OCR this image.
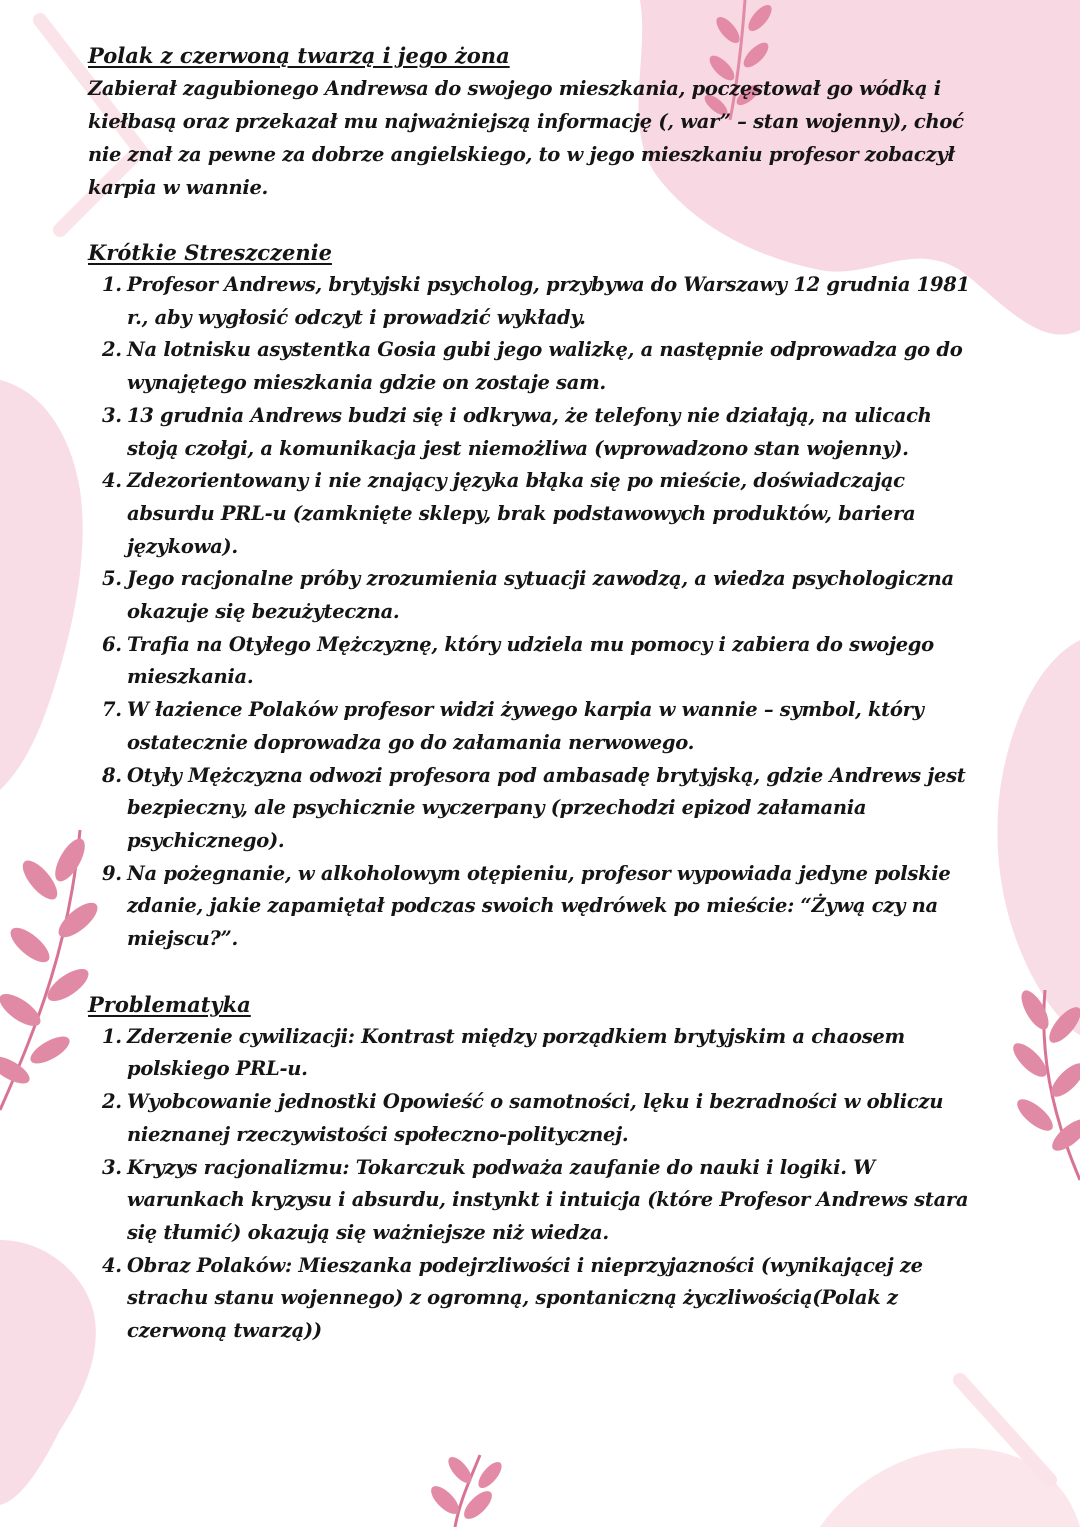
Polak z czerwoną twarzą i jego żona

Zabierał zagubionego Andrewsa do swojego mieszkania, poczęstował go wódką i kiełbasą oraz przekazał mu najważniejszą informację (‚ war” – stan wojenny), choć nie znał za pewne za dobrze angielskiego, to w jego mieszkaniu profesor zobaczył karpia w wannie.

Krótkie Streszczenie

1. Profesor Andrews, brytyjski psycholog, przybywa do Warszawy 12 grudnia 1981 r., aby wygłosić odczyt i prowadzić wykłady.
2. Na lotnisku asystentka Gosia gubi jego walizkę, a następnie odprowadza go do wynajętego mieszkania gdzie on zostaje sam.
3. 13 grudnia Andrews budzi się i odkrywa, że telefony nie działają, na ulicach stoją czołgi, a komunikacja jest niemożliwa (wprowadzono stan wojenny).
4. Zdezorientowany i nie znający języka błąka się po mieście, doświadczając absurdu PRL-u (zamknięte sklepy, brak podstawowych produktów, bariera językowa).
5. Jego racjonalne próby zrozumienia sytuacji zawodzą, a wiedza psychologiczna okazuje się bezużyteczna.
6. Trafia na Otyłego Mężczyznę, który udziela mu pomocy i zabiera do swojego mieszkania.
7. W łazience Polaków profesor widzi żywego karpia w wannie – symbol, który ostatecznie doprowadza go do załamania nerwowego.
8. Otyły Mężczyzna odwozi profesora pod ambasadę brytyjską, gdzie Andrews jest bezpieczny, ale psychicznie wyczerpany (przechodzi epizod załamania psychicznego).
9. Na pożegnanie, w alkoholowym otępieniu, profesor wypowiada jedyne polskie zdanie, jakie zapamiętał podczas swoich wędrówek po mieście: “Żywą czy na miejscu?”.

Problematyka

1. Zderzenie cywilizacji: Kontrast między porządkiem brytyjskim a chaosem polskiego PRL-u.
2. Wyobcowanie jednostki Opowieść o samotności, lęku i bezradności w obliczu nieznanej rzeczywistości społeczno-politycznej.
3. Kryzys racjonalizmu: Tokarczuk podważa zaufanie do nauki i logiki. W warunkach kryzysu i absurdu, instynkt i intuicja (które Profesor Andrews stara się tłumić) okazują się ważniejsze niż wiedza.
4. Obraz Polaków: Mieszanka podejrzliwości i nieprzyjazności (wynikającej ze strachu stanu wojennego) z ogromną, spontaniczną życzliwością(Polak z czerwoną twarzą))
